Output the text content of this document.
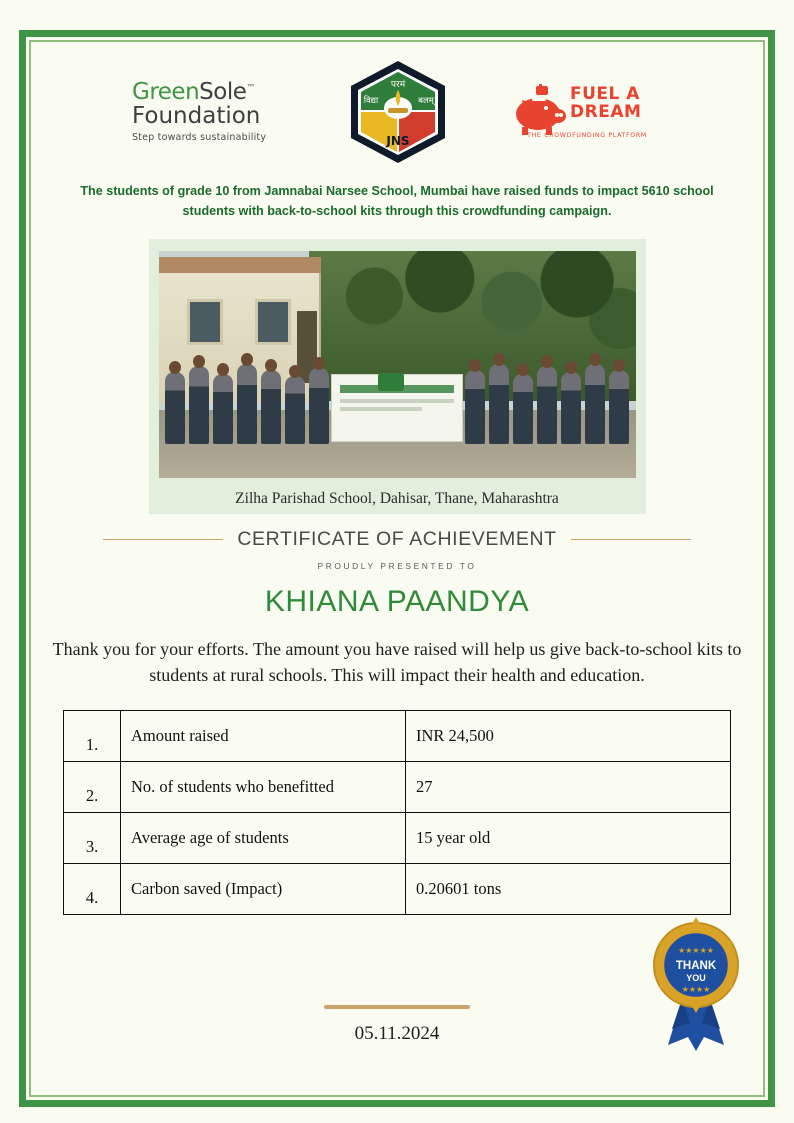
GreenSole™
Foundation
Step towards sustainability
परमं
विद्या	बलम्
JNS
FUEL A
DREAM
THE CROWDFUNDING PLATFORM
The students of grade 10 from Jamnabai Narsee School, Mumbai have raised funds to impact 5610 school students with back-to-school kits through this crowdfunding campaign.
Zilha Parishad School, Dahisar, Thane, Maharashtra
CERTIFICATE OF ACHIEVEMENT
PROUDLY PRESENTED TO
KHIANA PAANDYA
Thank you for your efforts. The amount you have raised will help us give back-to-school kits to students at rural schools. This will impact their health and education.
1.	Amount raised	INR 24,500
2.	No. of students who benefitted	27
3.	Average age of students	15 year old
4.	Carbon saved (Impact)	0.20601 tons
05.11.2024
★★★★★
THANK
YOU
★★★★
